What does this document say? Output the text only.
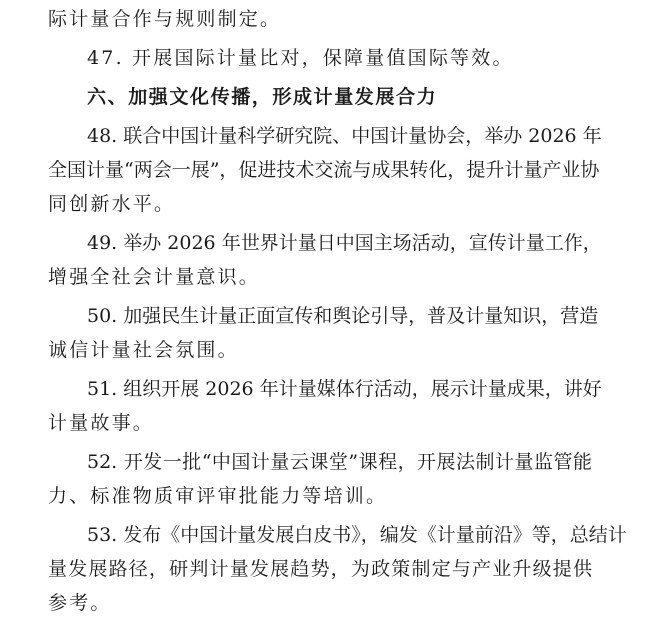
际计量合作与规则制定。
47. 开展国际计量比对，保障量值国际等效。
六、加强文化传播，形成计量发展合力
48. 联合中国计量科学研究院、中国计量协会，举办 2026 年
全国计量“两会一展”，促进技术交流与成果转化，提升计量产业协
同创新水平。
49. 举办 2026 年世界计量日中国主场活动，宣传计量工作，
增强全社会计量意识。
50. 加强民生计量正面宣传和舆论引导，普及计量知识，营造
诚信计量社会氛围。
51. 组织开展 2026 年计量媒体行活动，展示计量成果，讲好
计量故事。
52. 开发一批“中国计量云课堂”课程，开展法制计量监管能
力、标准物质审评审批能力等培训。
53. 发布《中国计量发展白皮书》，编发《计量前沿》等，总结计
量发展路径，研判计量发展趋势，为政策制定与产业升级提供
参考。
